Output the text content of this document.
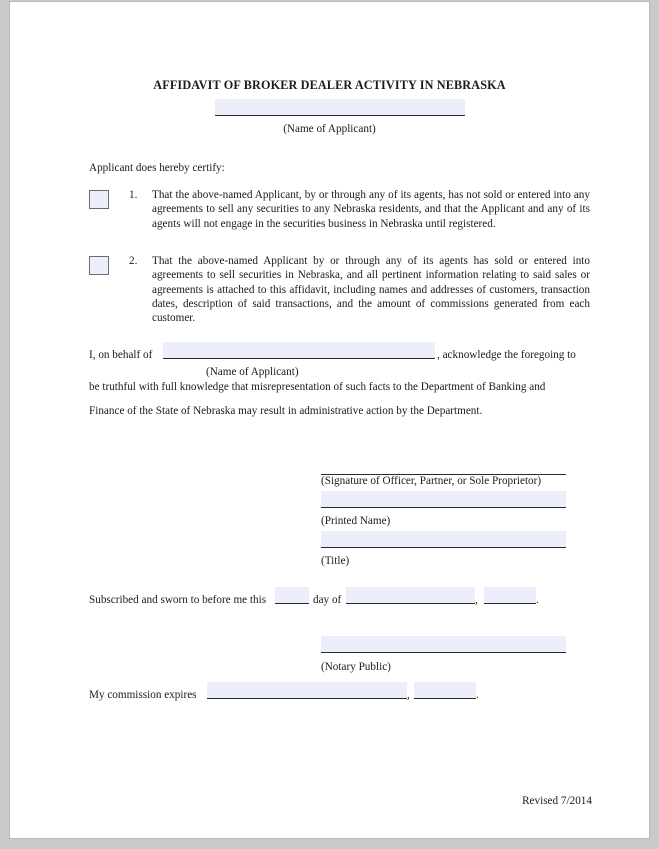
AFFIDAVIT OF BROKER DEALER ACTIVITY IN NEBRASKA
(Name of Applicant)
Applicant does hereby certify:
1. That the above-named Applicant, by or through any of its agents, has not sold or entered into any agreements to sell any securities to any Nebraska residents, and that the Applicant and any of its agents will not engage in the securities business in Nebraska until registered.
2. That the above-named Applicant by or through any of its agents has sold or entered into agreements to sell securities in Nebraska, and all pertinent information relating to said sales or agreements is attached to this affidavit, including names and addresses of customers, transaction dates, description of said transactions, and the amount of commissions generated from each customer.
I, on behalf of	, acknowledge the foregoing to
(Name of Applicant)
be truthful with full knowledge that misrepresentation of such facts to the Department of Banking and
Finance of the State of Nebraska may result in administrative action by the Department.
(Signature of Officer, Partner, or Sole Proprietor)
(Printed Name)
(Title)
Subscribed and sworn to before me this	day of	,	.
(Notary Public)
My commission expires	,	.
Revised 7/2014
